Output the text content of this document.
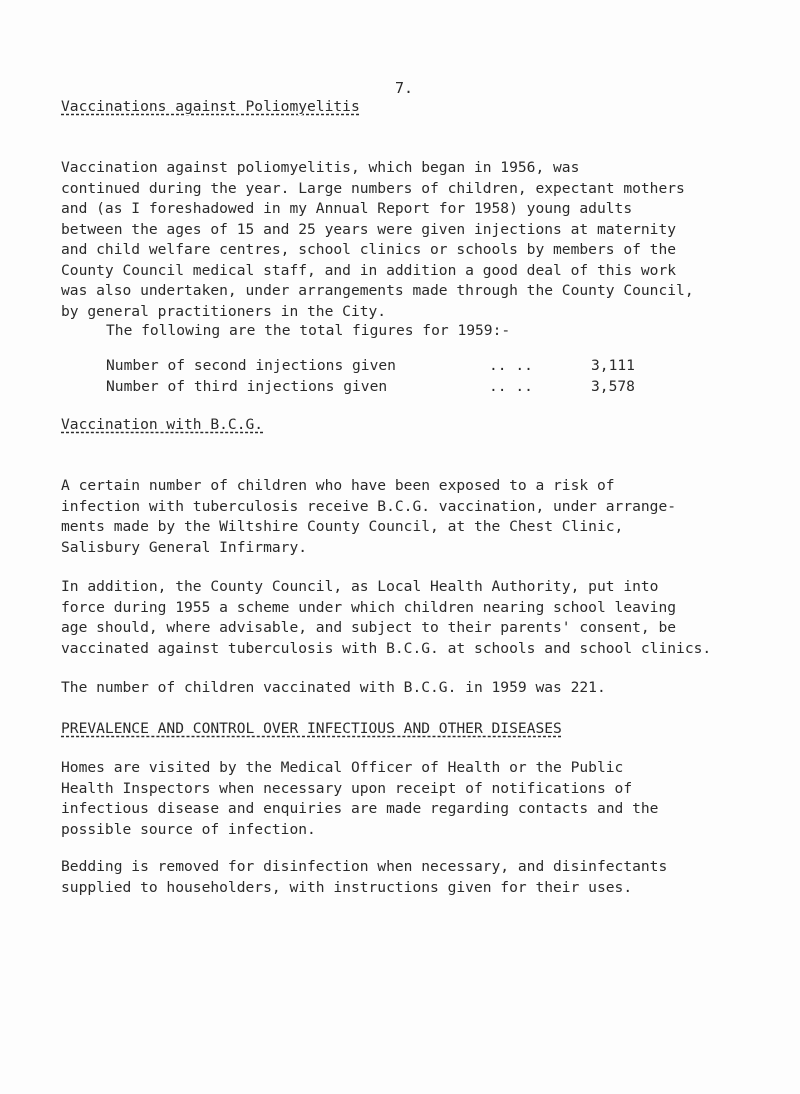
7.
Vaccinations against Poliomyelitis
Vaccination against poliomyelitis, which began in 1956, was
continued during the year. Large numbers of children, expectant mothers
and (as I foreshadowed in my Annual Report for 1958) young adults
between the ages of 15 and 25 years were given injections at maternity
and child welfare centres, school clinics or schools by members of the
County Council medical staff, and in addition a good deal of this work
was also undertaken, under arrangements made through the County Council,
by general practitioners in the City.
The following are the total figures for 1959:-
Number of second injections given	.. ..	3,111
Number of third injections given	.. ..	3,578
Vaccination with B.C.G.
A certain number of children who have been exposed to a risk of
infection with tuberculosis receive B.C.G. vaccination, under arrange-
ments made by the Wiltshire County Council, at the Chest Clinic,
Salisbury General Infirmary.
In addition, the County Council, as Local Health Authority, put into
force during 1955 a scheme under which children nearing school leaving
age should, where advisable, and subject to their parents' consent, be
vaccinated against tuberculosis with B.C.G. at schools and school clinics.
The number of children vaccinated with B.C.G. in 1959 was 221.
PREVALENCE AND CONTROL OVER INFECTIOUS AND OTHER DISEASES
Homes are visited by the Medical Officer of Health or the Public
Health Inspectors when necessary upon receipt of notifications of
infectious disease and enquiries are made regarding contacts and the
possible source of infection.
Bedding is removed for disinfection when necessary, and disinfectants
supplied to householders, with instructions given for their uses.
